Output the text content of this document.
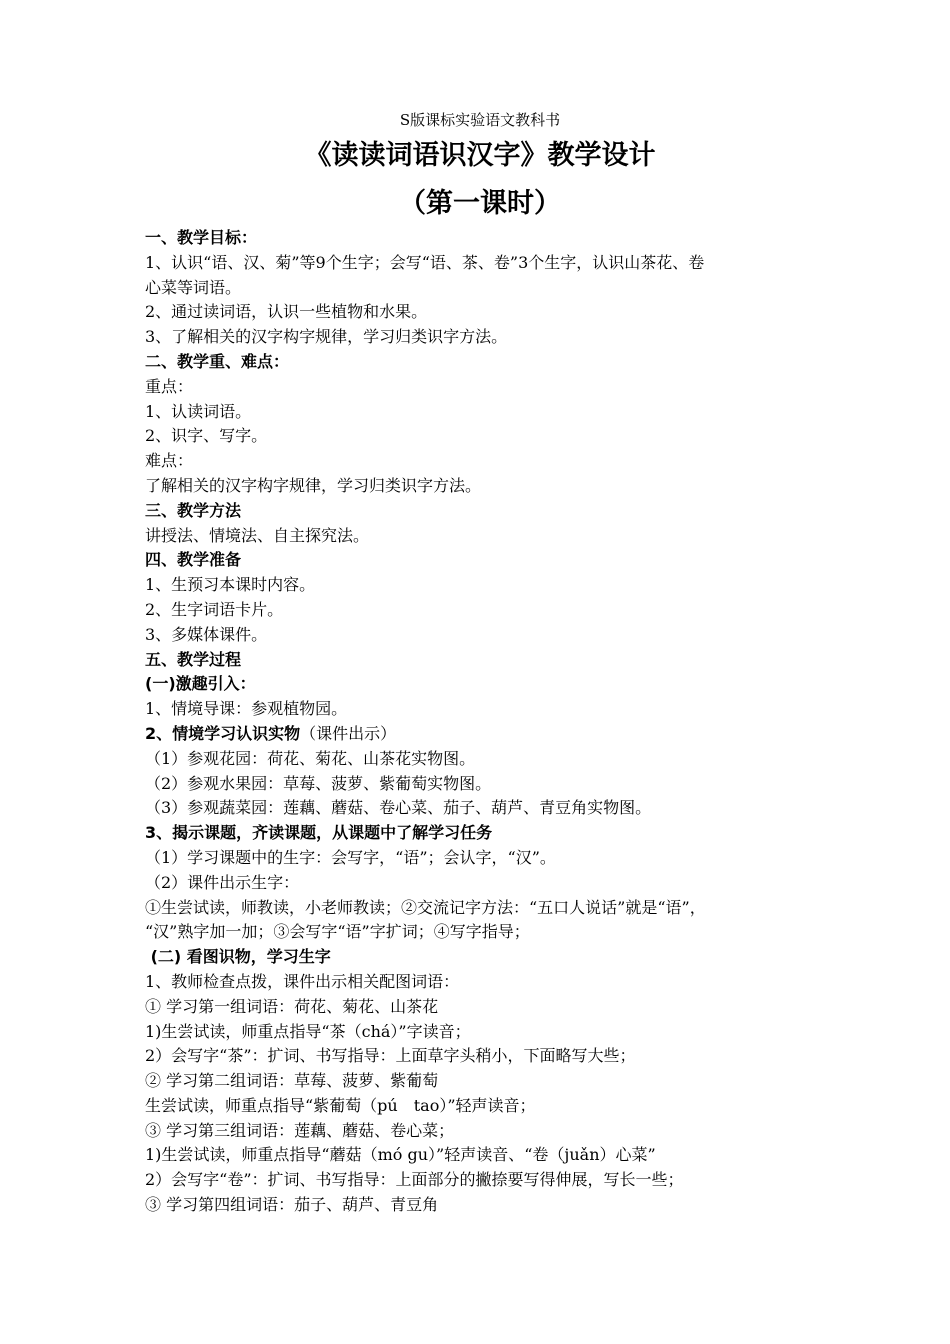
S版课标实验语文教科书
《读读词语识汉字》教学设计
（第一课时）
一、教学目标：
1、认识“语、汉、菊”等9个生字；会写“语、茶、卷”3个生字，认识山茶花、卷
心菜等词语。
2、通过读词语，认识一些植物和水果。
3、了解相关的汉字构字规律，学习归类识字方法。
二、教学重、难点：
重点：
1、认读词语。
2、识字、写字。
难点：
了解相关的汉字构字规律，学习归类识字方法。
三、教学方法
讲授法、情境法、自主探究法。
四、教学准备
1、生预习本课时内容。
2、生字词语卡片。
3、多媒体课件。
五、教学过程
(一)激趣引入：
1、情境导课：参观植物园。
2、情境学习认识实物（课件出示）
（1）参观花园：荷花、菊花、山茶花实物图。
（2）参观水果园：草莓、菠萝、紫葡萄实物图。
（3）参观蔬菜园：莲藕、蘑菇、卷心菜、茄子、葫芦、青豆角实物图。
3、揭示课题，齐读课题，从课题中了解学习任务
（1）学习课题中的生字：会写字，“语”；会认字，“汉”。
（2）课件出示生字：
①生尝试读，师教读，小老师教读；②交流记字方法：“五口人说话”就是“语”，
“汉”熟字加一加；③会写字“语”字扩词；④写字指导；
(二) 看图识物，学习生字
1、教师检查点拨，课件出示相关配图词语：
① 学习第一组词语：荷花、菊花、山茶花
1)生尝试读，师重点指导“茶（chá）”字读音；
2）会写字“茶”：扩词、书写指导：上面草字头稍小，下面略写大些；
② 学习第二组词语：草莓、菠萝、紫葡萄
生尝试读，师重点指导“紫葡萄（pú　tao）”轻声读音；
③ 学习第三组词语：莲藕、蘑菇、卷心菜；
1)生尝试读，师重点指导“蘑菇（mó gu）”轻声读音、“卷（juǎn）心菜”
2）会写字“卷”：扩词、书写指导：上面部分的撇捺要写得伸展，写长一些；
③ 学习第四组词语：茄子、葫芦、青豆角
